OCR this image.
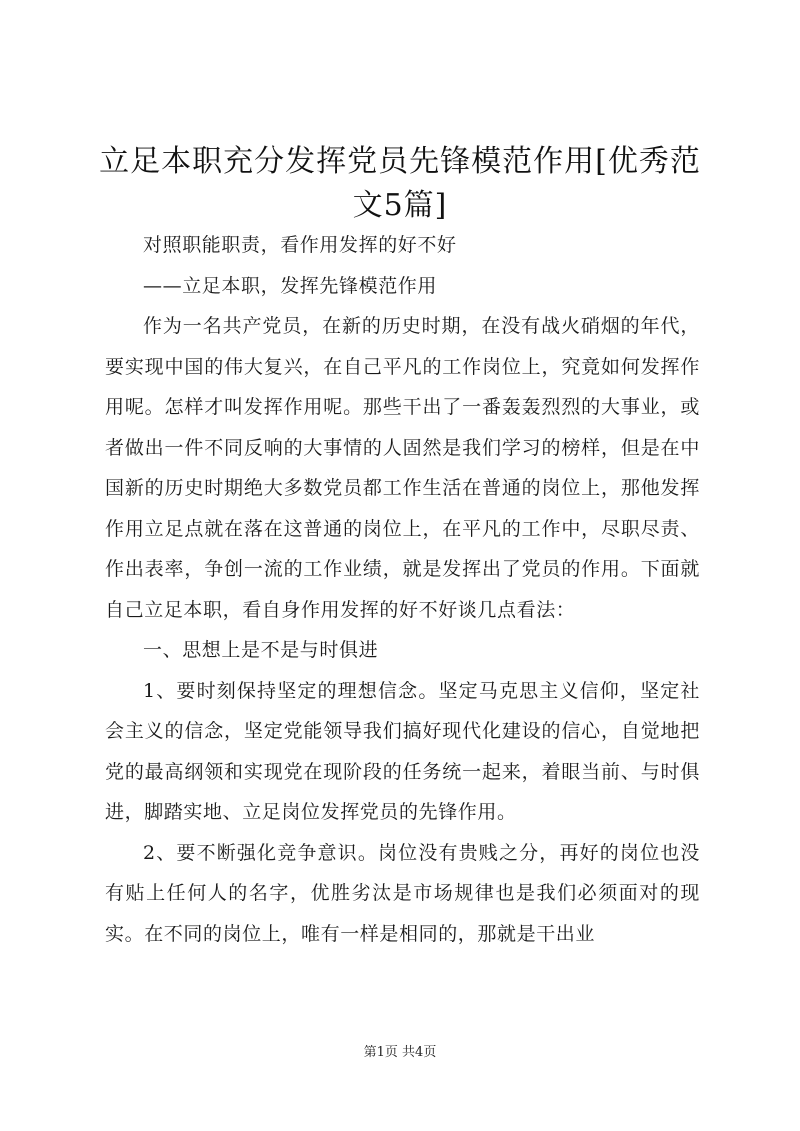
立足本职充分发挥党员先锋模范作用[优秀范文5篇]

对照职能职责，看作用发挥的好不好

——立足本职，发挥先锋模范作用

作为一名共产党员，在新的历史时期，在没有战火硝烟的年代，要实现中国的伟大复兴，在自己平凡的工作岗位上，究竟如何发挥作用呢。怎样才叫发挥作用呢。那些干出了一番轰轰烈烈的大事业，或者做出一件不同反响的大事情的人固然是我们学习的榜样，但是在中国新的历史时期绝大多数党员都工作生活在普通的岗位上，那他发挥作用立足点就在落在这普通的岗位上，在平凡的工作中，尽职尽责、作出表率，争创一流的工作业绩，就是发挥出了党员的作用。下面就自己立足本职，看自身作用发挥的好不好谈几点看法：

一、思想上是不是与时俱进

1、要时刻保持坚定的理想信念。坚定马克思主义信仰，坚定社会主义的信念，坚定党能领导我们搞好现代化建设的信心，自觉地把党的最高纲领和实现党在现阶段的任务统一起来，着眼当前、与时俱进，脚踏实地、立足岗位发挥党员的先锋作用。

2、要不断强化竞争意识。岗位没有贵贱之分，再好的岗位也没有贴上任何人的名字，优胜劣汰是市场规律也是我们必须面对的现实。在不同的岗位上，唯有一样是相同的，那就是干出业

第1页 共4页
